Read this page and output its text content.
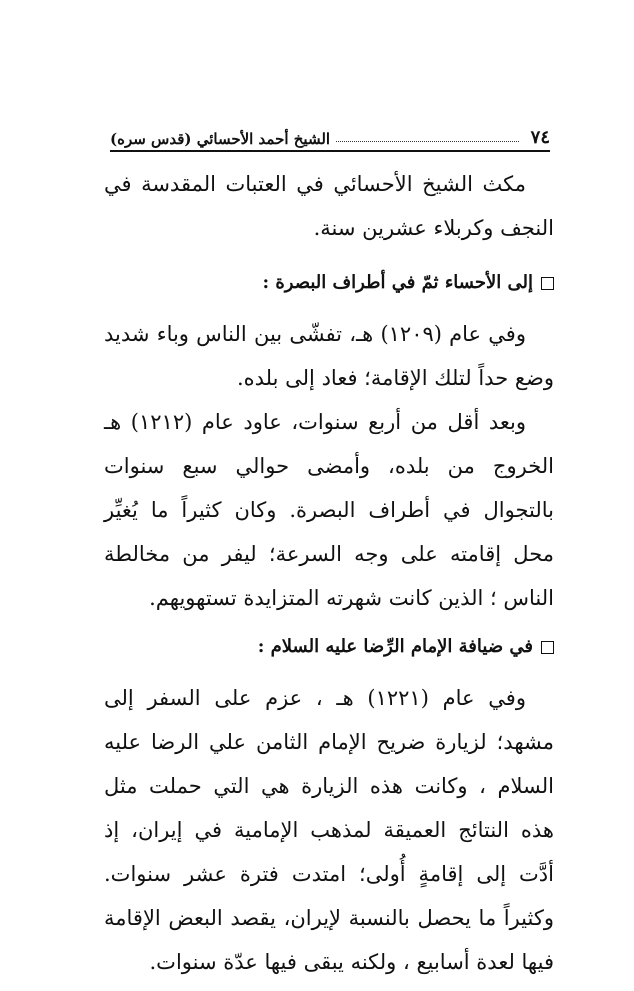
٧٤
الشيخ أحمد الأحسائي (قدس سره)

مكث الشيخ الأحسائي في العتبات المقدسة في النجف وكربلاء عشرين سنة.

إلى الأحساء ثمّ في أطراف البصرة :

وفي عام (١٢٠٩) هـ، تفشّى بين الناس وباء شديد وضع حداً لتلك الإقامة؛ فعاد إلى بلده.

وبعد أقل من أربع سنوات، عاود عام (١٢١٢) هـ الخروج من بلده، وأمضى حوالي سبع سنوات بالتجوال في أطراف البصرة. وكان كثيراً ما يُغيِّر محل إقامته على وجه السرعة؛ ليفر من مخالطة الناس ؛ الذين كانت شهرته المتزايدة تستهويهم.

في ضيافة الإمام الرِّضا عليه السلام :

وفي عام (١٢٢١) هـ ، عزم على السفر إلى مشهد؛ لزيارة ضريح الإمام الثامن علي الرضا عليه السلام ، وكانت هذه الزيارة هي التي حملت مثل هذه النتائج العميقة لمذهب الإمامية في إيران، إذ أدَّت إلى إقامةٍ أُولى؛ امتدت فترة عشر سنوات. وكثيراً ما يحصل بالنسبة لإيران، يقصد البعض الإقامة فيها لعدة أسابيع ، ولكنه يبقى فيها عدّة سنوات.
